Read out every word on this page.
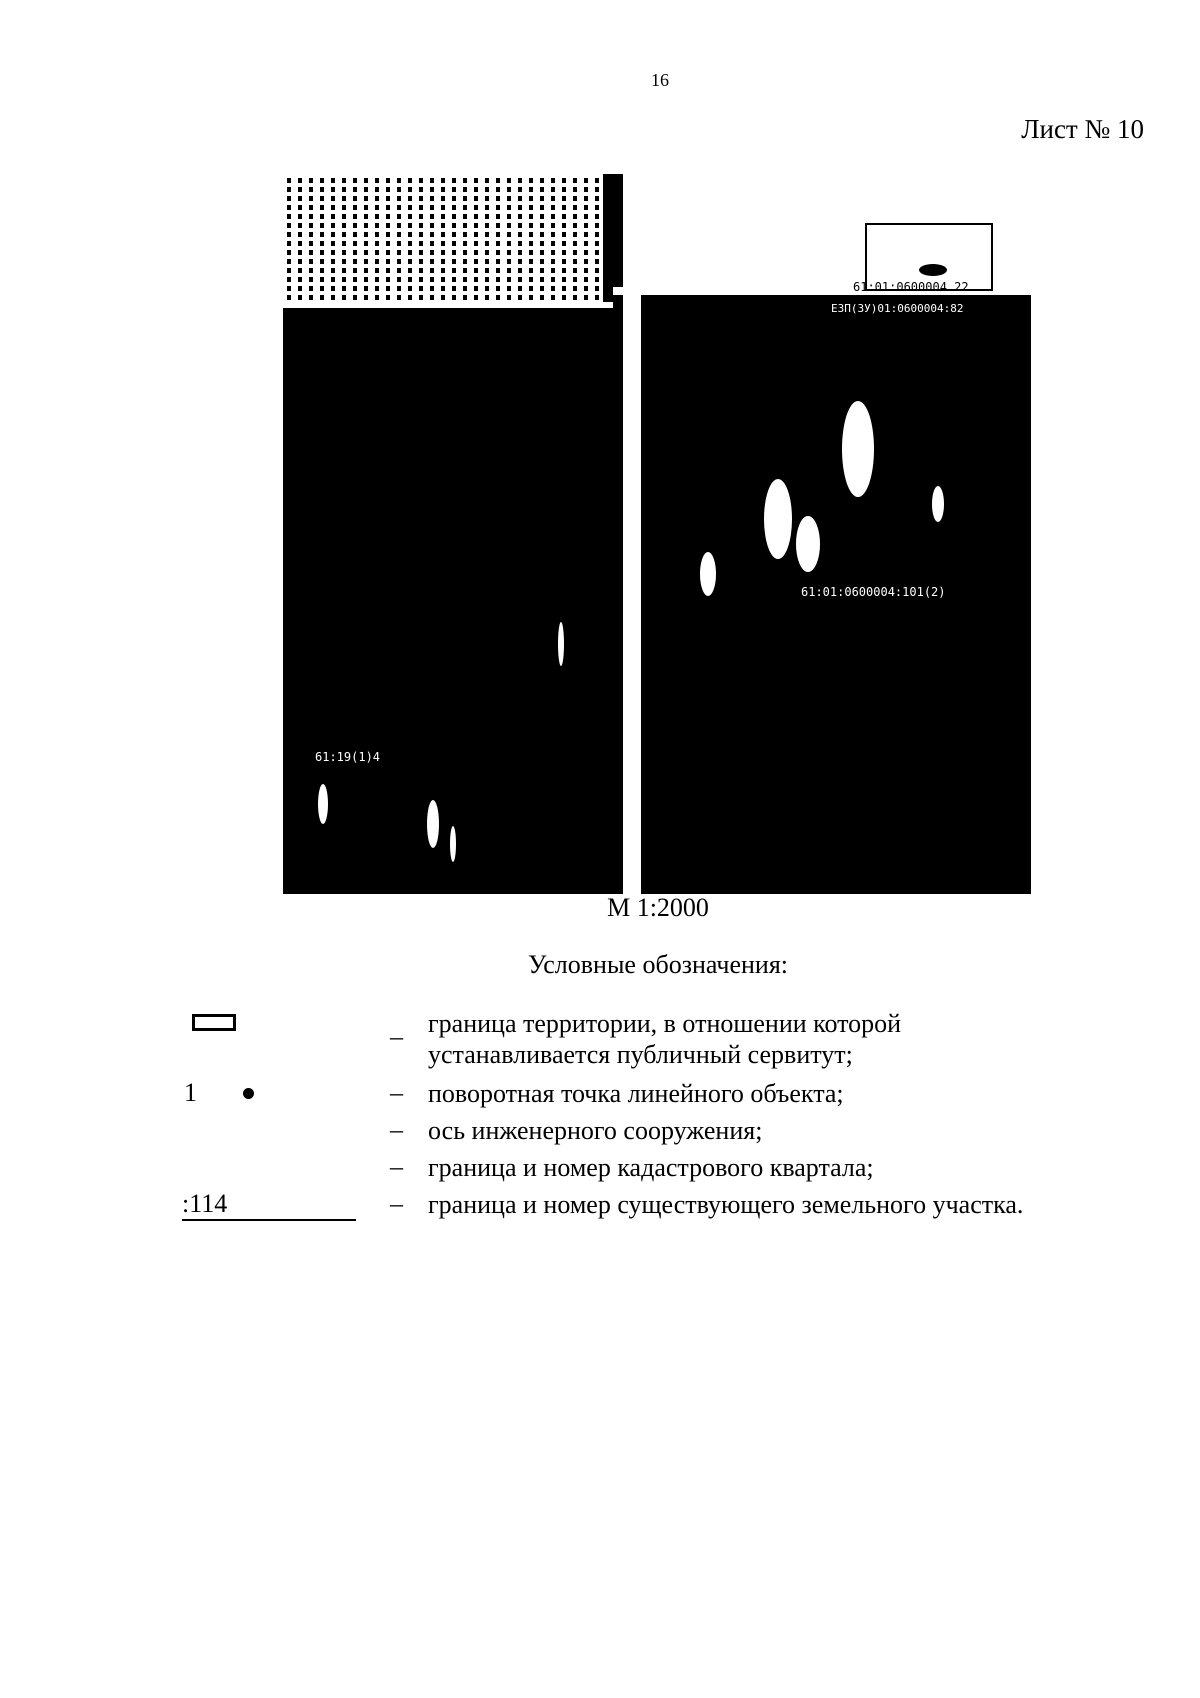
16
Лист № 10
61:01:0600004 22
ЕЗП(ЗУ)01:0600004:82
61:01:0600004:101(2)
61:19(1)4
М 1:2000
Условные обозначения:
– граница территории, в отношении которой
устанавливается публичный сервитут;
1	– поворотная точка линейного объекта;
– ось инженерного сооружения;
– граница и номер кадастрового квартала;
:114	– граница и номер существующего земельного участка.
